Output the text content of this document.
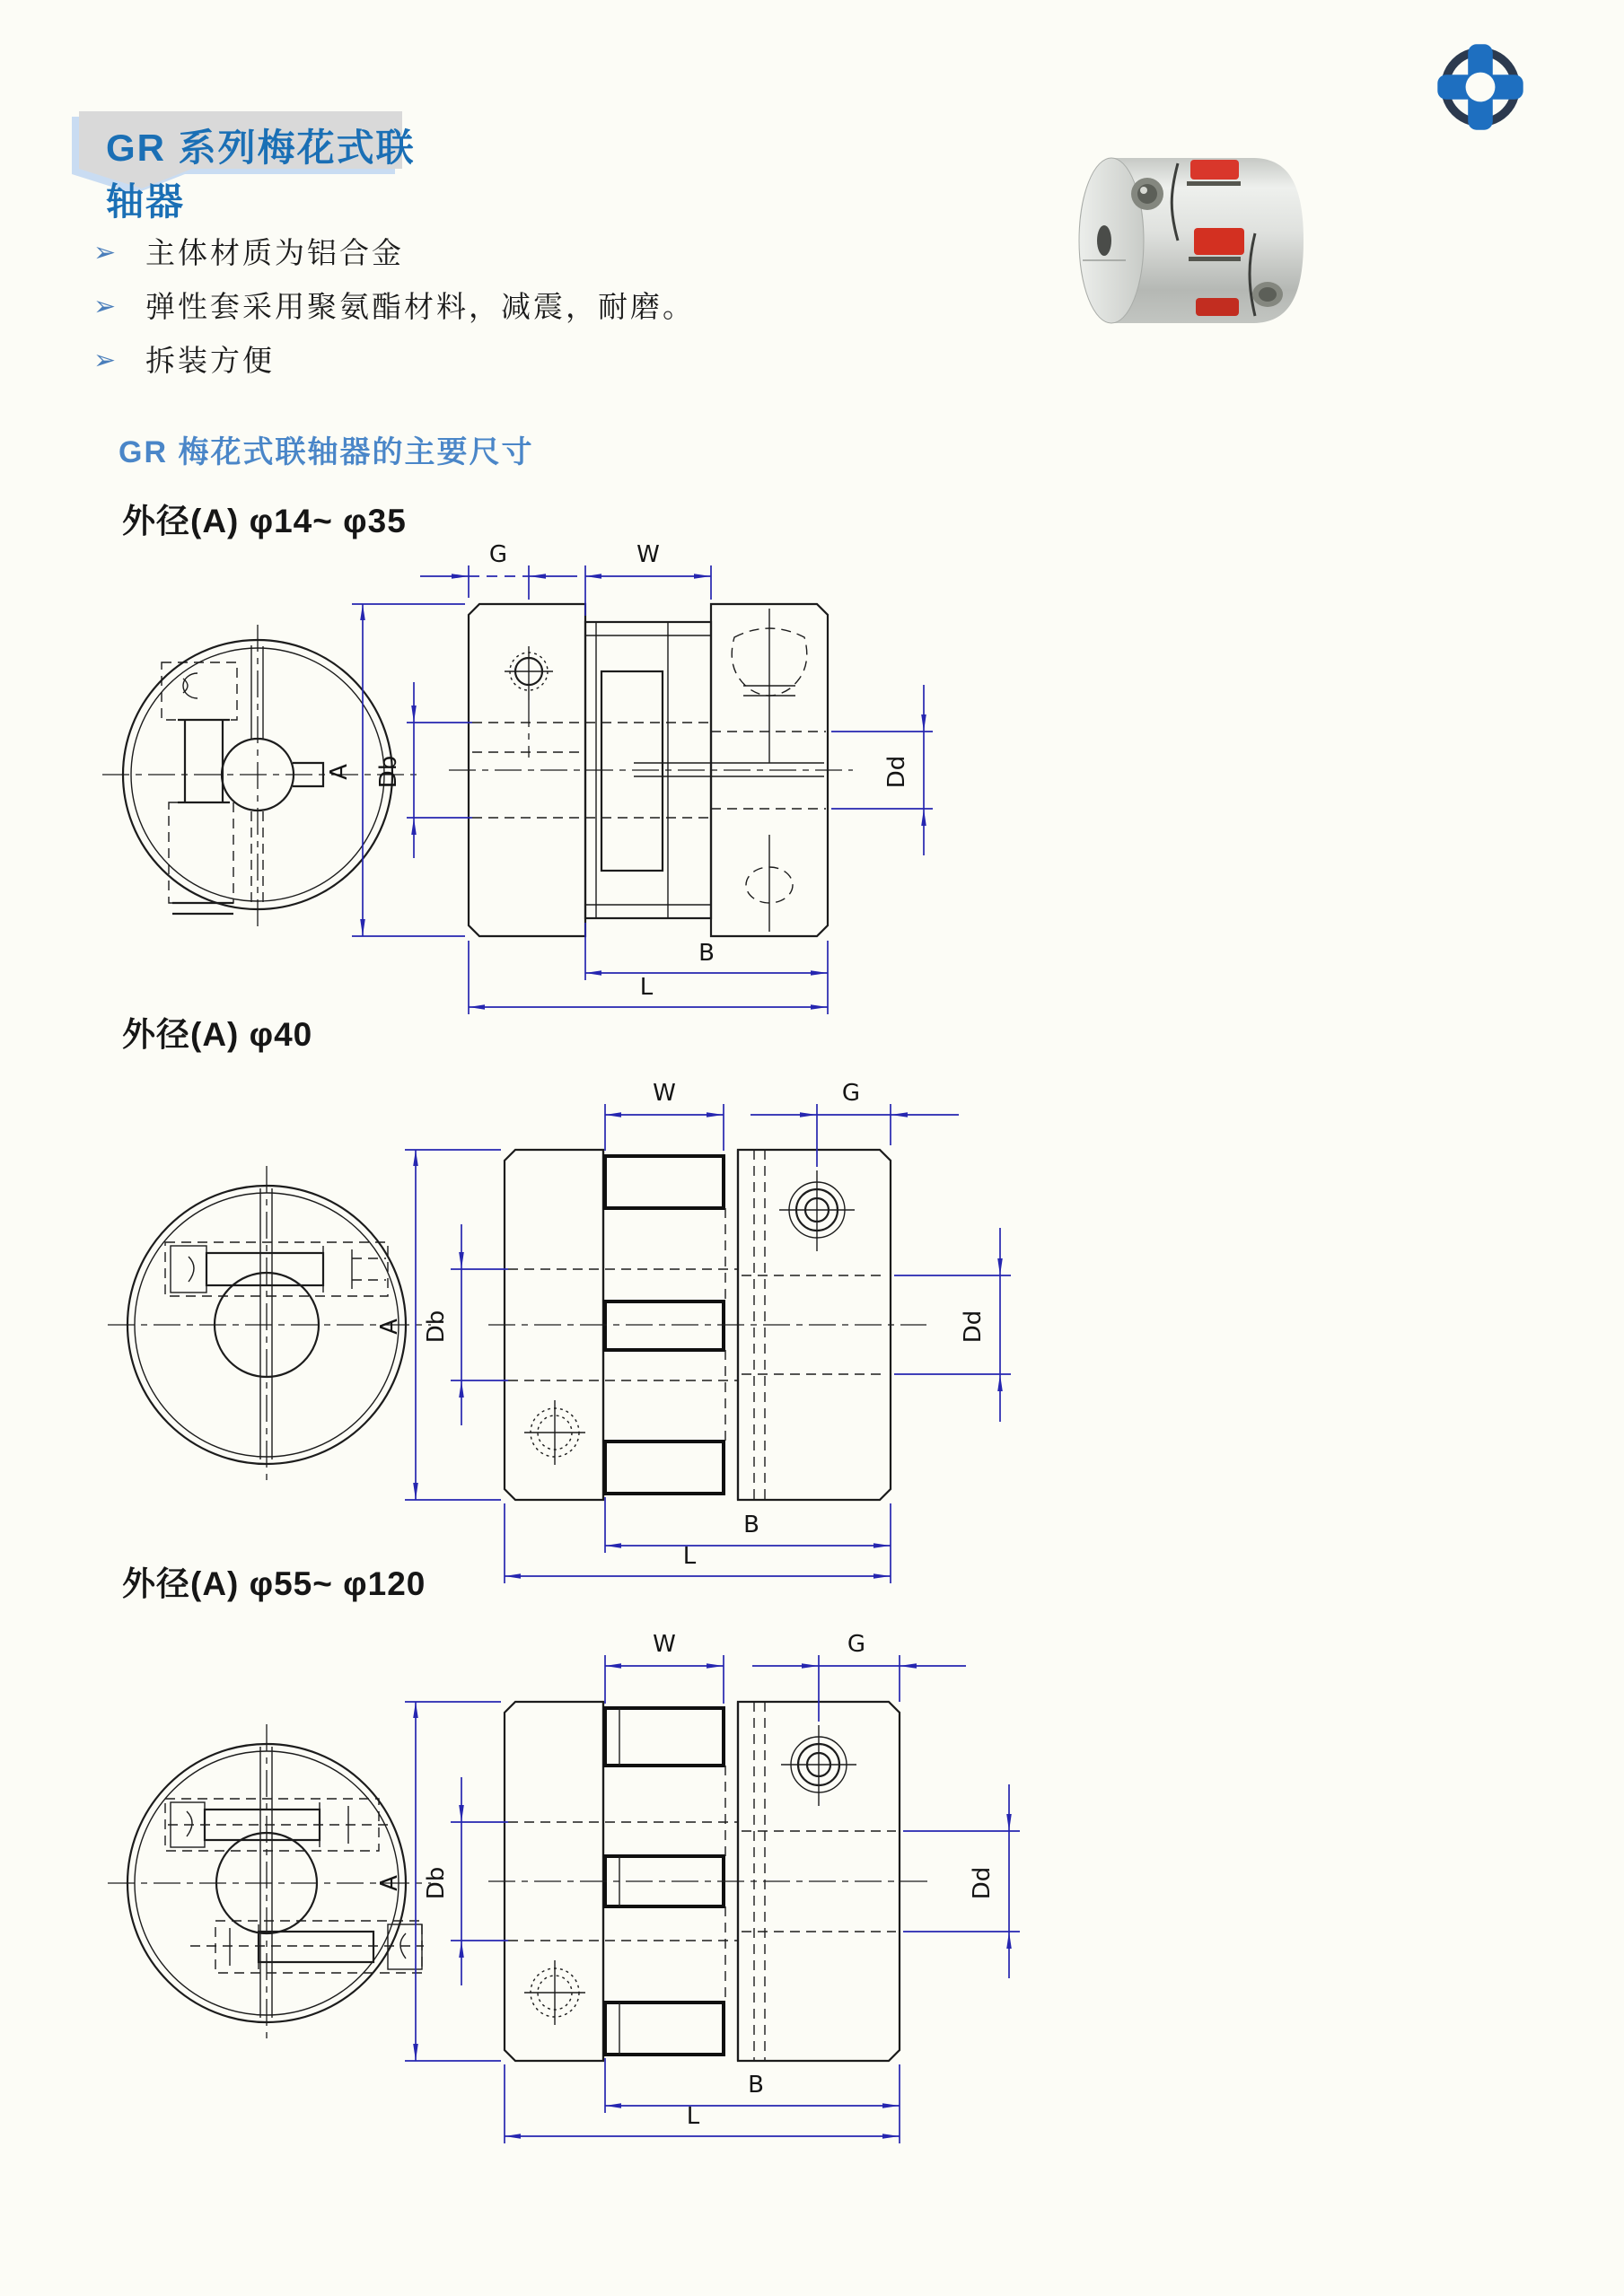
GR 系列梅花式联轴器
➢ 主体材质为铝合金
➢ 弹性套采用聚氨酯材料，减震，耐磨。
➢ 拆装方便
GR 梅花式联轴器的主要尺寸
外径(A) φ14~ φ35
外径(A) φ40
外径(A) φ55~ φ120
G	W
A Db	Dd
B
L
W	G
A Db	Dd
B
L
W	G
A Db	Dd
B
L
